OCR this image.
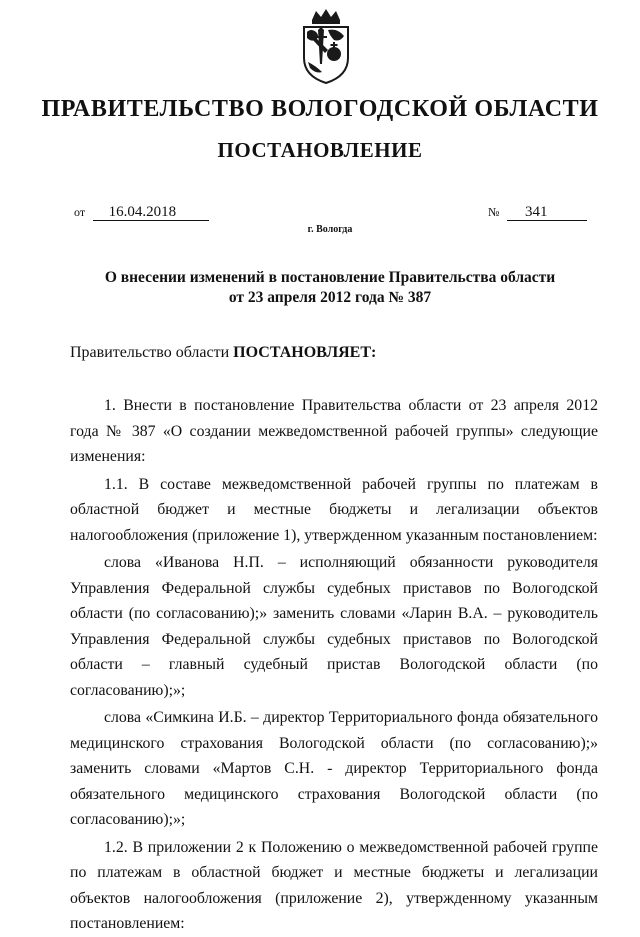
ПРАВИТЕЛЬСТВО ВОЛОГОДСКОЙ ОБЛАСТИ
ПОСТАНОВЛЕНИЕ
от 16.04.2018	№ 341
г. Вологда
О внесении изменений в постановление Правительства области
от 23 апреля 2012 года № 387
Правительство области ПОСТАНОВЛЯЕТ:

1. Внести в постановление Правительства области от 23 апреля 2012 года № 387 «О создании межведомственной рабочей группы» следующие изменения:

1.1. В составе межведомственной рабочей группы по платежам в областной бюджет и местные бюджеты и легализации объектов налогообложения (приложение 1), утвержденном указанным постановлением:

слова «Иванова Н.П. – исполняющий обязанности руководителя Управления Федеральной службы судебных приставов по Вологодской области (по согласованию);» заменить словами «Ларин В.А. – руководитель Управления Федеральной службы судебных приставов по Вологодской области – главный судебный пристав Вологодской области (по согласованию);»;

слова «Симкина И.Б. – директор Территориального фонда обязательного медицинского страхования Вологодской области (по согласованию);» заменить словами «Мартов С.Н. - директор Территориального фонда обязательного медицинского страхования Вологодской области (по согласованию);»;

1.2. В приложении 2 к Положению о межведомственной рабочей группе по платежам в областной бюджет и местные бюджеты и легализации объектов налогообложения (приложение 2), утвержденному указанным постановлением:
